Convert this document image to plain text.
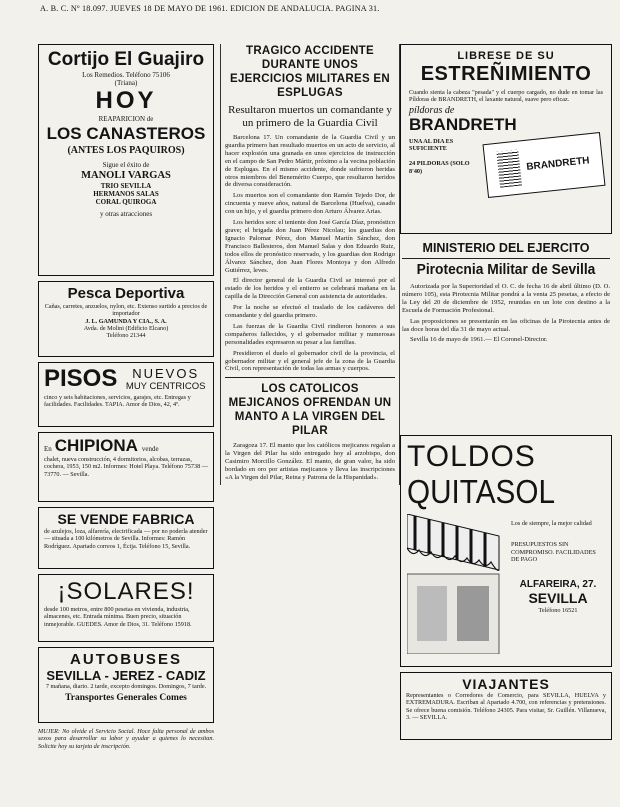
A. B. C. Nº 18.097. JUEVES 18 DE MAYO DE 1961. EDICION DE ANDALUCIA. PAGINA 31.
Cortijo El Guajiro
Los Remedios. Teléfono 75106
(Triana)
HOY
REAPARICION de
LOS CANASTEROS
(ANTES LOS PAQUIROS)
Sigue el éxito de
MANOLI VARGAS
TRIO SEVILLA
HERMANOS SALAS
CORAL QUIROGA
y otras atracciones
Pesca Deportiva
Cañas, carretes, anzuelos, nylon, etc. Extenso surtido a precios de importador
J. L. GAMUNDA Y CIA., S. A.
Avda. de Molini (Edificio Elcano)
Teléfono 21344
PISOS	NUEVOS
MUY CENTRICOS
cinco y seis habitaciones, servicios, garajes, etc. Entregas y facilidades. Facilidades. TAPIA. Amor de Dios, 42, 4º.
En CHIPIONA vende
chalet, nueva construcción, 4 dormitorios, alcobas, terrazas, cochera, 1953, 150 m2. Informes: Hotel Playa. Teléfono 75738 — 73770. — Sevilla.
SE VENDE FABRICA
de azulejos, loza, alfarería, electrificada — por no poderla atender — situada a 100 kilómetros de Sevilla. Informes: Ramón Rodríguez. Apartado correos 1, Écija. Teléfono 15, Sevilla.
¡SOLARES!
desde 100 metros, entre 800 pesetas en vivienda, industria, almacenes, etc. Entrada mínima. Buen precio, situación inmejorable. GUEDES. Amor de Dios, 31. Teléfono 15918.
AUTOBUSES
SEVILLA - JEREZ - CADIZ
7 mañana, diario. 2 tarde, excepto domingos. Domingos, 7 tarde.
Transportes Generales Comes
MUJER: No olvide el Servicio Social. Hoce falta personal de ambos sexos para desarrollar su labor y ayudar a quienes lo necesitan. Solicite hoy su tarjeta de inscripción.
TRAGICO ACCIDENTE DURANTE UNOS EJERCICIOS MILITARES EN ESPLUGAS
Resultaron muertos un comandante y un primero de la Guardia Civil

Barcelona 17. Un comandante de la Guardia Civil y un guardia primero han resultado muertos en un acto de servicio, al hacer explosión una granada en unos ejercicios de instrucción en el campo de San Pedro Mártir, próximo a la vecina población de Esplugas. En el mismo accidente, donde sufrieron heridas otros miembros del Benemérito Cuerpo, que resultaron heridos de diversa consideración.

Los muertos son el comandante don Ramón Tejedo Dor, de cincuenta y nueve años, natural de Barcelona (Huelva), casado con un hijo, y el guardia primero don Arturo Álvarez Arias.

Los heridos son: el teniente don José García Díaz, pronóstico grave; el brigada don Juan Pérez Nicolau; los guardias don Ignacio Palomar Pérez, don Manuel Martín Sánchez, don Francisco Ballesteros, don Manuel Salas y don Eduardo Ruiz, todos ellos de pronóstico reservado, y los guardias don Rodrigo Álvarez Sánchez, don Juan Flores Montoya y don Alfredo Gutiérrez, leves.

El director general de la Guardia Civil se interesó por el estado de los heridos y el entierro se celebrará mañana en la capilla de la Dirección General con asistencia de autoridades.

Por la noche se efectuó el traslado de los cadáveres del comandante y del guardia primero.

Las fuerzas de la Guardia Civil rindieron honores a sus compañeros fallecidos, y el gobernador militar y numerosas personalidades expresaron su pesar a las familias.

Presidieron el duelo el gobernador civil de la provincia, el gobernador militar y el general jefe de la zona de la Guardia Civil, con representación de todas las armas y cuerpos.

LOS CATOLICOS MEJICANOS OFRENDAN UN MANTO A LA VIRGEN DEL PILAR

Zaragoza 17. El manto que los católicos mejicanos regalan a la Virgen del Pilar ha sido entregado hoy al arzobispo, don Casimiro Morcillo González. El manto, de gran valor, ha sido bordado en oro por artistas mejicanos y lleva las inscripciones «A la Virgen del Pilar, Reina y Patrona de la Hispanidad».

LIBRESE DE SU
ESTREÑIMIENTO
Cuando sienta la cabeza "pesada" y el cuerpo cargado, no dude en tomar las Píldoras de BRANDRETH, el laxante natural, suave pero eficaz.
píldoras de
BRANDRETH
UNA AL DIA ES SUFICIENTE
24 PILDORAS (SOLO 8'40)	BRANDRETH
MINISTERIO DEL EJERCITO
Pirotecnia Militar de Sevilla

Autorizada por la Superioridad el O. C. de fecha 16 de abril último (D. O. número 105), esta Pirotecnia Militar pondrá a la venta 25 pesetas, a efecto de la Ley del 20 de diciembre de 1952, reunidas en un lote con destino a la Escuela de Formación Profesional.

Las proposiciones se presentarán en las oficinas de la Pirotecnia antes de las doce horas del día 31 de mayo actual.

Sevilla 16 de mayo de 1961.— El Coronel-Director.

TOLDOS
QUITASOL
Los de siempre, la mejor calidad
PRESUPUESTOS SIN COMPROMISO. FACILIDADES DE PAGO
ALFAREIRA, 27.
SEVILLA
Teléfono 16521
VIAJANTES
Representantes o Corredores de Comercio, para SEVILLA, HUELVA y EXTREMADURA. Escriban al Apartado 4.700, con referencias y pretensiones. Se ofrece buena comisión. Teléfono 24305. Para visitar, Sr. Guillén. Villanueva, 3. — SEVILLA.
